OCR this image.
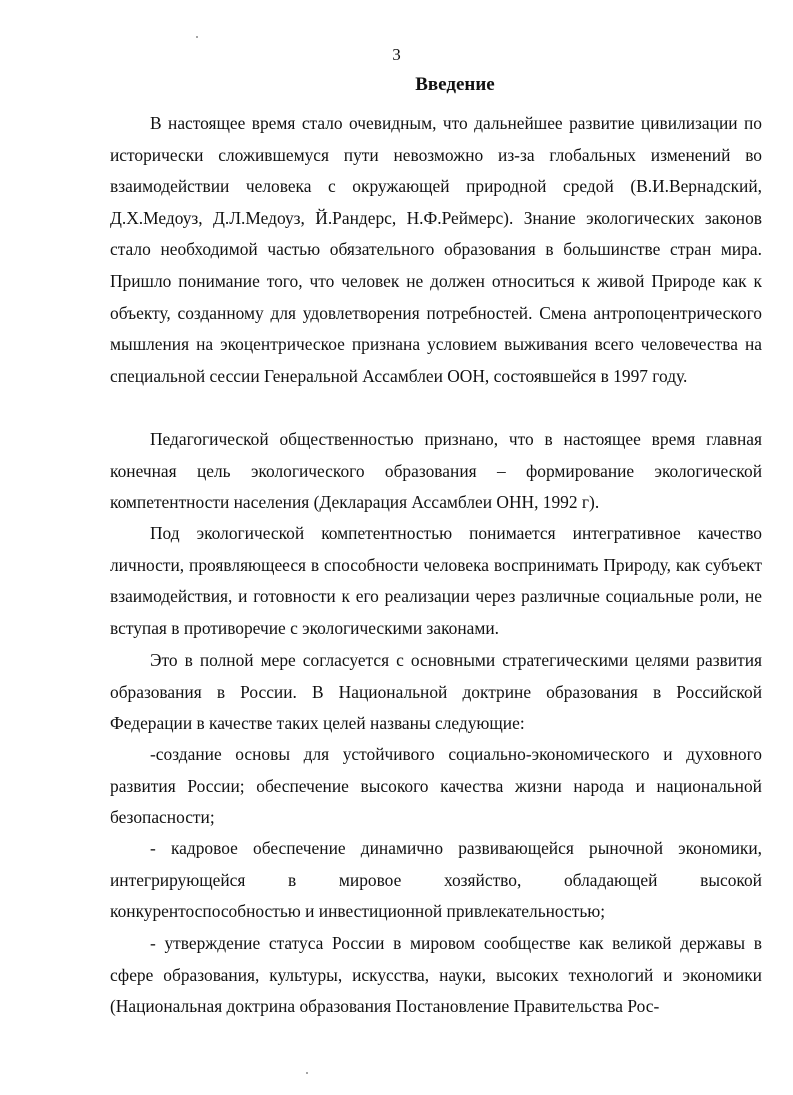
3
Введение

В настоящее время стало очевидным, что дальнейшее развитие цивилизации по исторически сложившемуся пути невозможно из-за глобальных изменений во взаимодействии человека с окружающей природной средой (В.И.Вернадский, Д.Х.Медоуз, Д.Л.Медоуз, Й.Рандерс, Н.Ф.Реймерс). Знание экологических законов стало необходимой частью обязательного образования в большинстве стран мира. Пришло понимание того, что человек не должен относиться к живой Природе как к объекту, созданному для удовлетворения потребностей. Смена антропоцентрического мышления на экоцентрическое признана условием выживания всего человечества на специальной сессии Генеральной Ассамблеи ООН, состоявшейся в 1997 году.

Педагогической общественностью признано, что в настоящее время главная конечная цель экологического образования – формирование экологической компетентности населения (Декларация Ассамблеи ОНН, 1992 г).

Под экологической компетентностью понимается интегративное качество личности, проявляющееся в способности человека воспринимать Природу, как субъект взаимодействия, и готовности к его реализации через различные социальные роли, не вступая в противоречие с экологическими законами.

Это в полной мере согласуется с основными стратегическими целями развития образования в России. В Национальной доктрине образования в Российской Федерации в качестве таких целей названы следующие:

-создание основы для устойчивого социально-экономического и духовного развития России; обеспечение высокого качества жизни народа и национальной безопасности;

- кадровое обеспечение динамично развивающейся рыночной экономики, интегрирующейся в мировое хозяйство, обладающей высокой конкурентоспособностью и инвестиционной привлекательностью;

- утверждение статуса России в мировом сообществе как великой державы в сфере образования, культуры, искусства, науки, высоких технологий и экономики (Национальная доктрина образования Постановление Правительства Рос-
